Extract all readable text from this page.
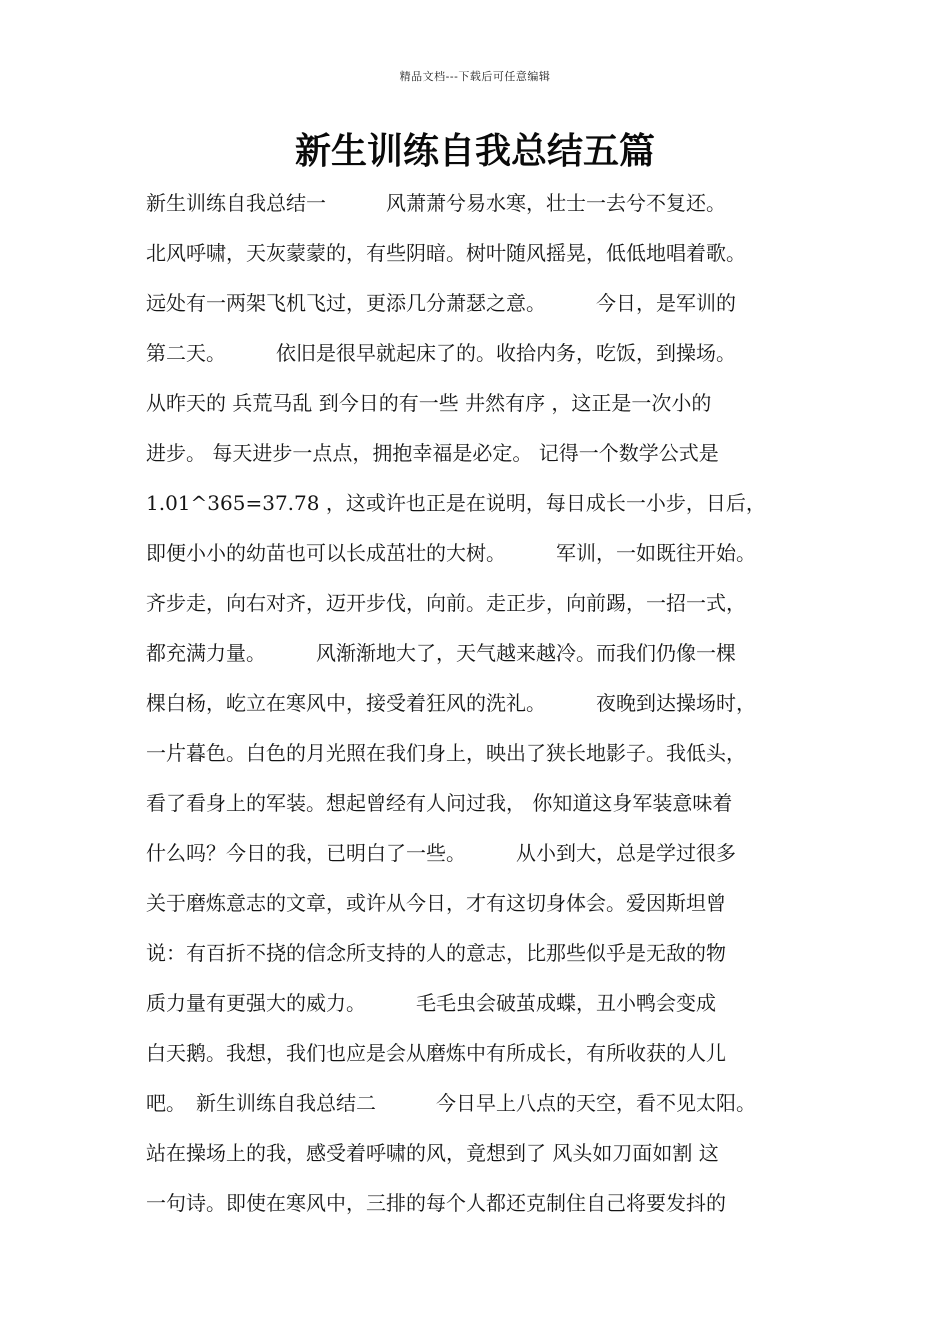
精品文档---下载后可任意编辑
新生训练自我总结五篇
新生训练自我总结一　　　风萧萧兮易水寒，壮士一去兮不复还。
北风呼啸，天灰蒙蒙的，有些阴暗。树叶随风摇晃，低低地唱着歌。
远处有一两架飞机飞过，更添几分萧瑟之意。　　　今日，是军训的
第二天。　　　依旧是很早就起床了的。收拾内务，吃饭，到操场。
从昨天的 兵荒马乱 到今日的有一些 井然有序 ，这正是一次小的
进步。 每天进步一点点，拥抱幸福是必定。 记得一个数学公式是
1.01^365=37.78 ，这或许也正是在说明，每日成长一小步，日后，
即便小小的幼苗也可以长成茁壮的大树。　　　军训，一如既往开始。
齐步走，向右对齐，迈开步伐，向前。走正步，向前踢，一招一式，
都充满力量。　　　风渐渐地大了，天气越来越冷。而我们仍像一棵
棵白杨，屹立在寒风中，接受着狂风的洗礼。　　　夜晚到达操场时，
一片暮色。白色的月光照在我们身上，映出了狭长地影子。我低头，
看了看身上的军装。想起曾经有人问过我， 你知道这身军装意味着
什么吗？今日的我，已明白了一些。　　　从小到大，总是学过很多
关于磨炼意志的文章，或许从今日，才有这切身体会。爱因斯坦曾
说：有百折不挠的信念所支持的人的意志，比那些似乎是无敌的物
质力量有更强大的威力。　　　毛毛虫会破茧成蝶，丑小鸭会变成
白天鹅。我想，我们也应是会从磨炼中有所成长，有所收获的人儿
吧。　新生训练自我总结二　　　今日早上八点的天空，看不见太阳。
站在操场上的我，感受着呼啸的风，竟想到了 风头如刀面如割 这
一句诗。即使在寒风中，三排的每个人都还克制住自己将要发抖的
